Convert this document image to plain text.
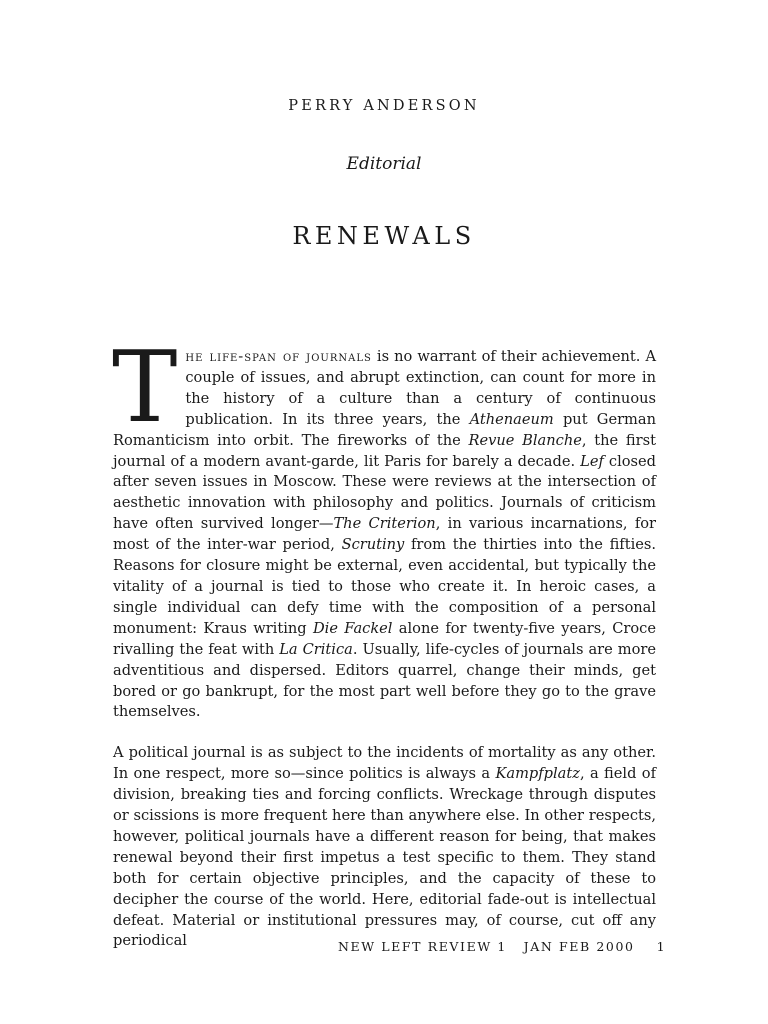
PERRY ANDERSON
Editorial
RENEWALS

The life-span of journals is no warrant of their achievement. A couple of issues, and abrupt extinction, can count for more in the history of a culture than a century of continuous publication. In its three years, the Athenaeum put German Romanticism into orbit. The fireworks of the Revue Blanche, the first journal of a modern avant-garde, lit Paris for barely a decade. Lef closed after seven issues in Moscow. These were reviews at the intersection of aesthetic innovation with philosophy and politics. Journals of criticism have often survived longer—The Criterion, in various incarnations, for most of the inter-war period, Scrutiny from the thirties into the fifties. Reasons for closure might be external, even accidental, but typically the vitality of a journal is tied to those who create it. In heroic cases, a single individual can defy time with the composition of a personal monument: Kraus writing Die Fackel alone for twenty-five years, Croce rivalling the feat with La Critica. Usually, life-cycles of journals are more adventitious and dispersed. Editors quarrel, change their minds, get bored or go bankrupt, for the most part well before they go to the grave themselves.

A political journal is as subject to the incidents of mortality as any other. In one respect, more so—since politics is always a Kampfplatz, a field of division, breaking ties and forcing conflicts. Wreckage through disputes or scissions is more frequent here than anywhere else. In other respects, however, political journals have a different reason for being, that makes renewal beyond their first impetus a test specific to them. They stand both for certain objective principles, and the capacity of these to decipher the course of the world. Here, editorial fade-out is intellectual defeat. Material or institutional pressures may, of course, cut off any periodical	NEW LEFT REVIEW 1 JAN FEB 2000 1
